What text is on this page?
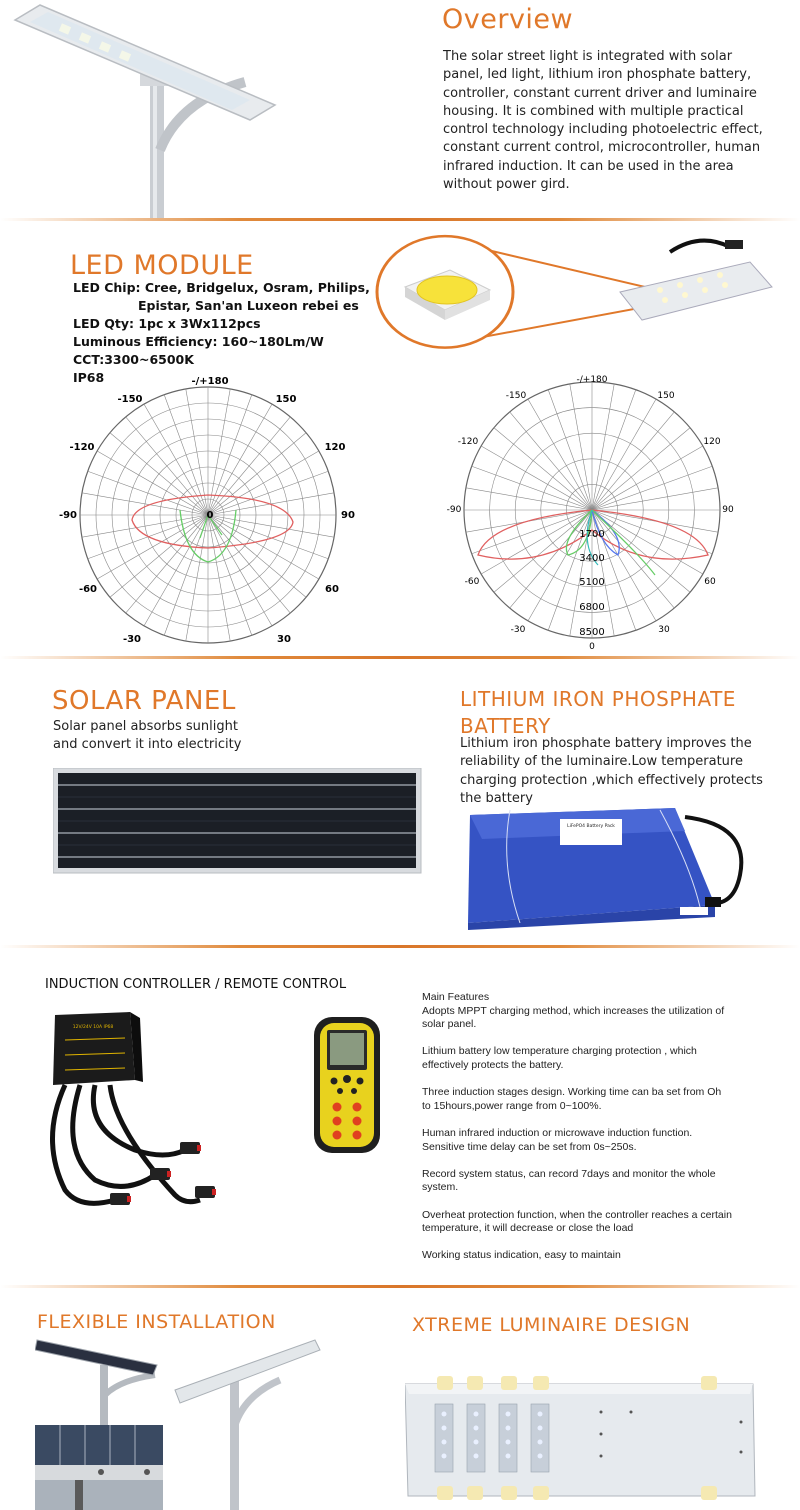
Overview

The solar street light is integrated with solar panel, led light, lithium iron phosphate battery, controller, constant current driver and luminaire housing. It is combined with multiple practical control technology including photoelectric effect, constant current control, microcontroller, human infrared induction. It can be used in the area without power gird.

LED MODULE
LED Chip: Cree, Bridgelux, Osram, Philips,
Epistar, San'an Luxeon rebei es
LED Qty: 1pc x 3Wx112pcs
Luminous Efficiency: 160~180Lm/W
CCT:3300~6500K
IP68	-/+180
-150	150
-120	120
-90	90
-60	60
-30	30
0
-/+180
-150	150
-120	120
-90	90
-60	60
-30	30
0
1700
3400
5100
6800
8500
SOLAR PANEL
Solar panel absorbs sunlight
and convert it into electricity
LITHIUM IRON PHOSPHATE
BATTERY

Lithium iron phosphate battery improves the reliability of the luminaire.Low temperature charging protection ,which effectively protects the battery

LiFePO4 Battery Pack
INDUCTION CONTROLLER / REMOTE CONTROL
12V/24V 10A IP68
Main Features
Adopts MPPT charging method, which increases the utilization of solar panel.
Lithium battery low temperature charging protection , which effectively protects the battery.
Three induction stages design. Working time can ba set from Oh to 15hours,power range from 0~100%.
Human infrared induction or microwave induction function. Sensitive time delay can be set from 0s~250s.
Record system status, can record 7days and monitor the whole system.
Overheat protection function, when the controller reaches a certain temperature, it will decrease or close the load
Working status indication, easy to maintain
FLEXIBLE INSTALLATION	XTREME LUMINAIRE DESIGN
